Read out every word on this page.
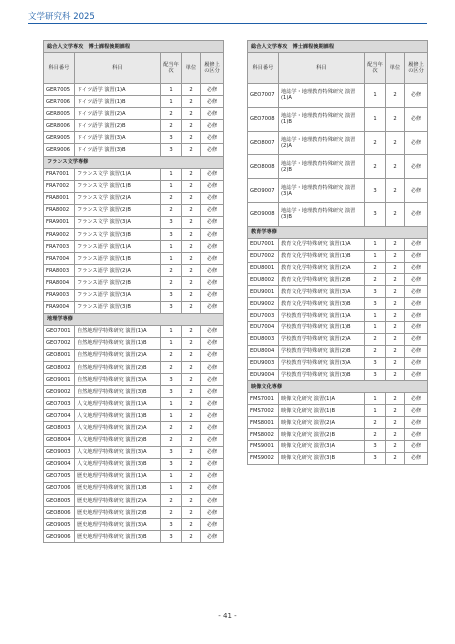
文学研究科 2025
総合人文学専攻　博士課程後期課程				
科目番号	科目	配当年次	単位	履修上の区分
GER7005	ドイツ語学 演習(1)A	1	2	必修
GER7006	ドイツ語学 演習(1)B	1	2	必修
GER8005	ドイツ語学 演習(2)A	2	2	必修
GER8006	ドイツ語学 演習(2)B	2	2	必修
GER9005	ドイツ語学 演習(3)A	3	2	必修
GER9006	ドイツ語学 演習(3)B	3	2	必修
フランス文学専修				
FRA7001	フランス文学 演習(1)A	1	2	必修
FRA7002	フランス文学 演習(1)B	1	2	必修
FRA8001	フランス文学 演習(2)A	2	2	必修
FRA8002	フランス文学 演習(2)B	2	2	必修
FRA9001	フランス文学 演習(3)A	3	2	必修
FRA9002	フランス文学 演習(3)B	3	2	必修
FRA7003	フランス語学 演習(1)A	1	2	必修
FRA7004	フランス語学 演習(1)B	1	2	必修
FRA8003	フランス語学 演習(2)A	2	2	必修
FRA8004	フランス語学 演習(2)B	2	2	必修
FRA9003	フランス語学 演習(3)A	3	2	必修
FRA9004	フランス語学 演習(3)B	3	2	必修
地理学専修				
GEO7001	自然地理学特殊研究 演習(1)A	1	2	必修
GEO7002	自然地理学特殊研究 演習(1)B	1	2	必修
GEO8001	自然地理学特殊研究 演習(2)A	2	2	必修
GEO8002	自然地理学特殊研究 演習(2)B	2	2	必修
GEO9001	自然地理学特殊研究 演習(3)A	3	2	必修
GEO9002	自然地理学特殊研究 演習(3)B	3	2	必修
GEO7003	人文地理学特殊研究 演習(1)A	1	2	必修
GEO7004	人文地理学特殊研究 演習(1)B	1	2	必修
GEO8003	人文地理学特殊研究 演習(2)A	2	2	必修
GEO8004	人文地理学特殊研究 演習(2)B	2	2	必修
GEO9003	人文地理学特殊研究 演習(3)A	3	2	必修
GEO9004	人文地理学特殊研究 演習(3)B	3	2	必修
GEO7005	歴史地理学特殊研究 演習(1)A	1	2	必修
GEO7006	歴史地理学特殊研究 演習(1)B	1	2	必修
GEO8005	歴史地理学特殊研究 演習(2)A	2	2	必修
GEO8006	歴史地理学特殊研究 演習(2)B	2	2	必修
GEO9005	歴史地理学特殊研究 演習(3)A	3	2	必修
GEO9006	歴史地理学特殊研究 演習(3)B	3	2	必修
総合人文学専攻　博士課程後期課程				
科目番号	科目	配当年次	単位	履修上の区分
GEO7007	地誌学・地理教育特殊研究 演習(1)A	1	2	必修
GEO7008	地誌学・地理教育特殊研究 演習(1)B	1	2	必修
GEO8007	地誌学・地理教育特殊研究 演習(2)A	2	2	必修
GEO8008	地誌学・地理教育特殊研究 演習(2)B	2	2	必修
GEO9007	地誌学・地理教育特殊研究 演習(3)A	3	2	必修
GEO9008	地誌学・地理教育特殊研究 演習(3)B	3	2	必修
教育学専修				
EDU7001	教育文化学特殊研究 演習(1)A	1	2	必修
EDU7002	教育文化学特殊研究 演習(1)B	1	2	必修
EDU8001	教育文化学特殊研究 演習(2)A	2	2	必修
EDU8002	教育文化学特殊研究 演習(2)B	2	2	必修
EDU9001	教育文化学特殊研究 演習(3)A	3	2	必修
EDU9002	教育文化学特殊研究 演習(3)B	3	2	必修
EDU7003	学校教育学特殊研究 演習(1)A	1	2	必修
EDU7004	学校教育学特殊研究 演習(1)B	1	2	必修
EDU8003	学校教育学特殊研究 演習(2)A	2	2	必修
EDU8004	学校教育学特殊研究 演習(2)B	2	2	必修
EDU9003	学校教育学特殊研究 演習(3)A	3	2	必修
EDU9004	学校教育学特殊研究 演習(3)B	3	2	必修
映像文化専修				
FMS7001	映像文化研究 演習(1)A	1	2	必修
FMS7002	映像文化研究 演習(1)B	1	2	必修
FMS8001	映像文化研究 演習(2)A	2	2	必修
FMS8002	映像文化研究 演習(2)B	2	2	必修
FMS9001	映像文化研究 演習(3)A	3	2	必修
FMS9002	映像文化研究 演習(3)B	3	2	必修
- 41 -
